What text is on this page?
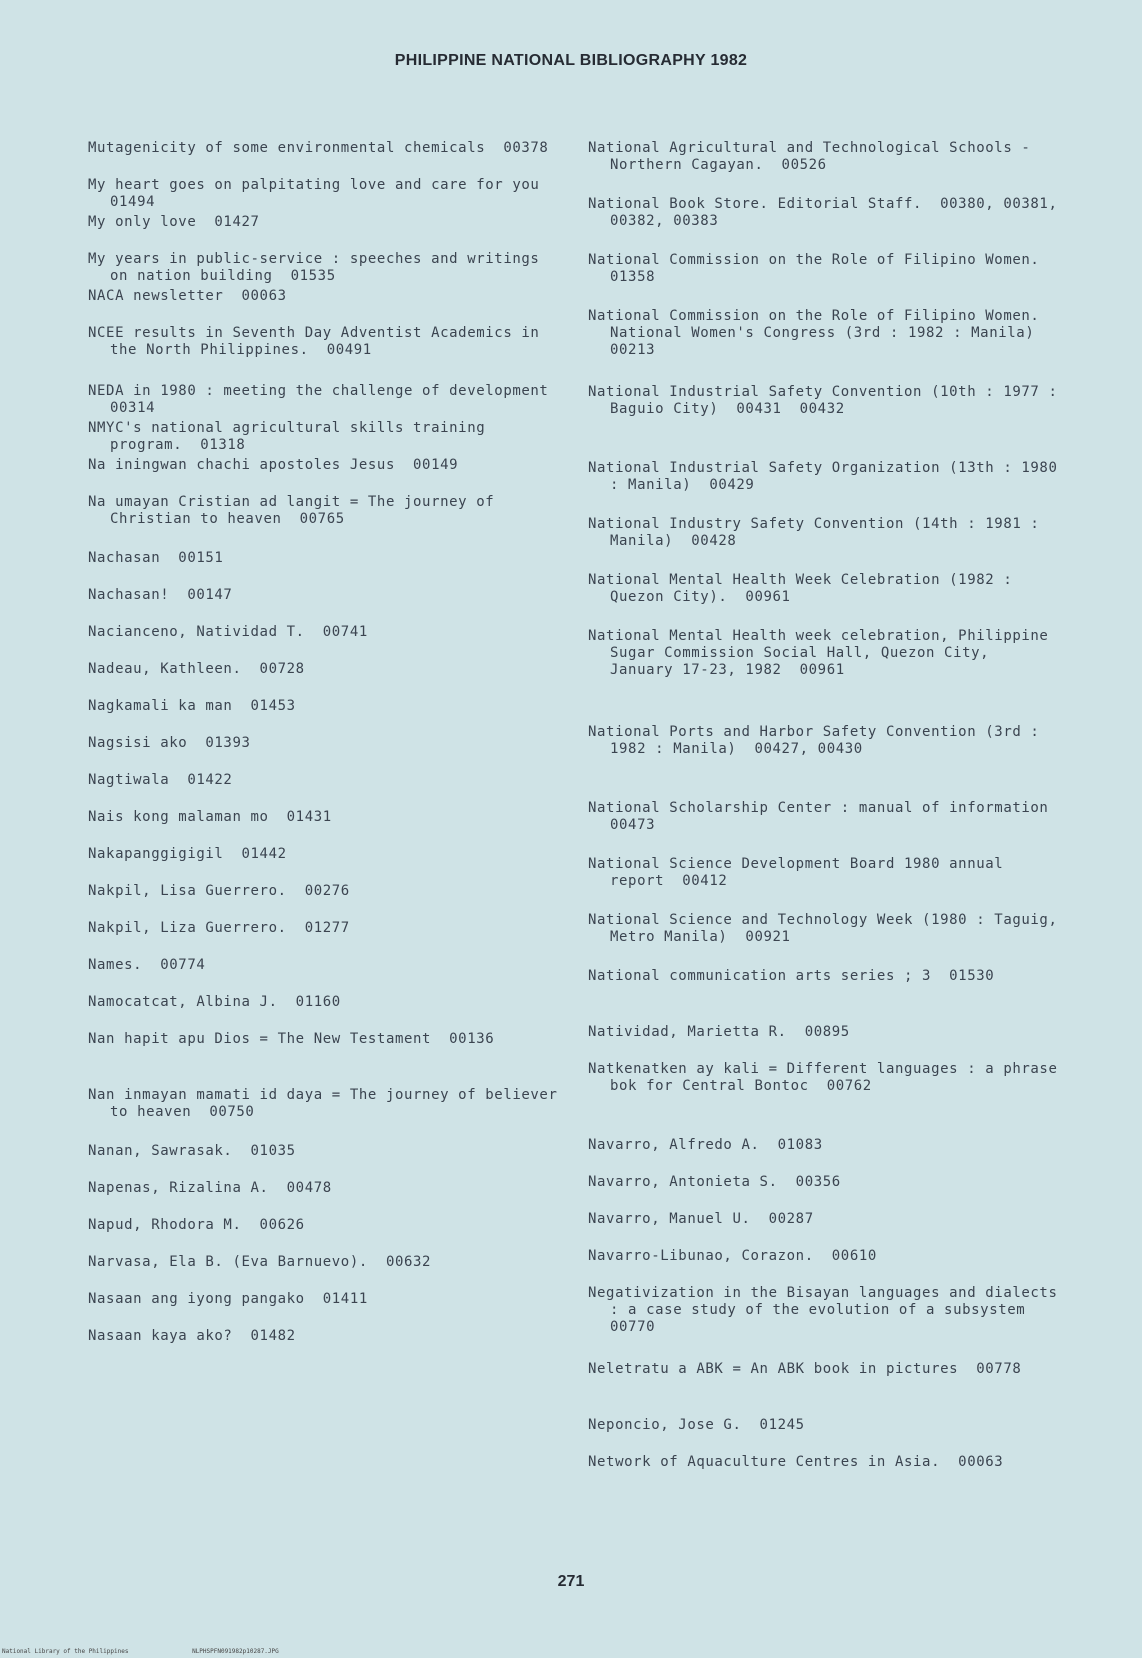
PHILIPPINE NATIONAL BIBLIOGRAPHY 1982
Mutagenicity of some environmental chemicals  00378
My heart goes on palpitating love and care for you  01494
My only love  01427
My years in public-service : speeches and writings on nation building  01535
NACA newsletter  00063
NCEE results in Seventh Day Adventist Academics in the North Philippines.  00491
NEDA in 1980 : meeting the challenge of development  00314
NMYC's national agricultural skills training program.  01318
Na iningwan chachi apostoles Jesus  00149
Na umayan Cristian ad langit = The journey of Christian to heaven  00765
Nachasan  00151
Nachasan!  00147
Nacianceno, Natividad T.  00741
Nadeau, Kathleen.  00728
Nagkamali ka man  01453
Nagsisi ako  01393
Nagtiwala  01422
Nais kong malaman mo  01431
Nakapanggigigil  01442
Nakpil, Lisa Guerrero.  00276
Nakpil, Liza Guerrero.  01277
Names.  00774
Namocatcat, Albina J.  01160
Nan hapit apu Dios = The New Testament  00136
Nan inmayan mamati id daya = The journey of believer to heaven  00750
Nanan, Sawrasak.  01035
Napenas, Rizalina A.  00478
Napud, Rhodora M.  00626
Narvasa, Ela B. (Eva Barnuevo).  00632
Nasaan ang iyong pangako  01411
Nasaan kaya ako?  01482
National Agricultural and Technological Schools - Northern Cagayan.  00526
National Book Store. Editorial Staff.  00380, 00381, 00382, 00383
National Commission on the Role of Filipino Women.  01358
National Commission on the Role of Filipino Women. National Women's Congress (3rd : 1982 : Manila)  00213
National Industrial Safety Convention (10th : 1977 : Baguio City)  00431  00432
National Industrial Safety Organization (13th : 1980 : Manila)  00429
National Industry Safety Convention (14th : 1981 : Manila)  00428
National Mental Health Week Celebration (1982 : Quezon City).  00961
National Mental Health week celebration, Philippine Sugar Commission Social Hall, Quezon City, January 17-23, 1982  00961
National Ports and Harbor Safety Convention (3rd : 1982 : Manila)  00427, 00430
National Scholarship Center : manual of information  00473
National Science Development Board 1980 annual report  00412
National Science and Technology Week (1980 : Taguig, Metro Manila)  00921
National communication arts series ; 3  01530
Natividad, Marietta R.  00895
Natkenatken ay kali = Different languages : a phrase bok for Central Bontoc  00762
Navarro, Alfredo A.  01083
Navarro, Antonieta S.  00356
Navarro, Manuel U.  00287
Navarro-Libunao, Corazon.  00610
Negativization in the Bisayan languages and dialects : a case study of the evolution of a subsystem  00770
Neletratu a ABK = An ABK book in pictures  00778
Neponcio, Jose G.  01245
Network of Aquaculture Centres in Asia.  00063
271
National Library of the Philippines	NLPHSPFN091982p10287.JPG
